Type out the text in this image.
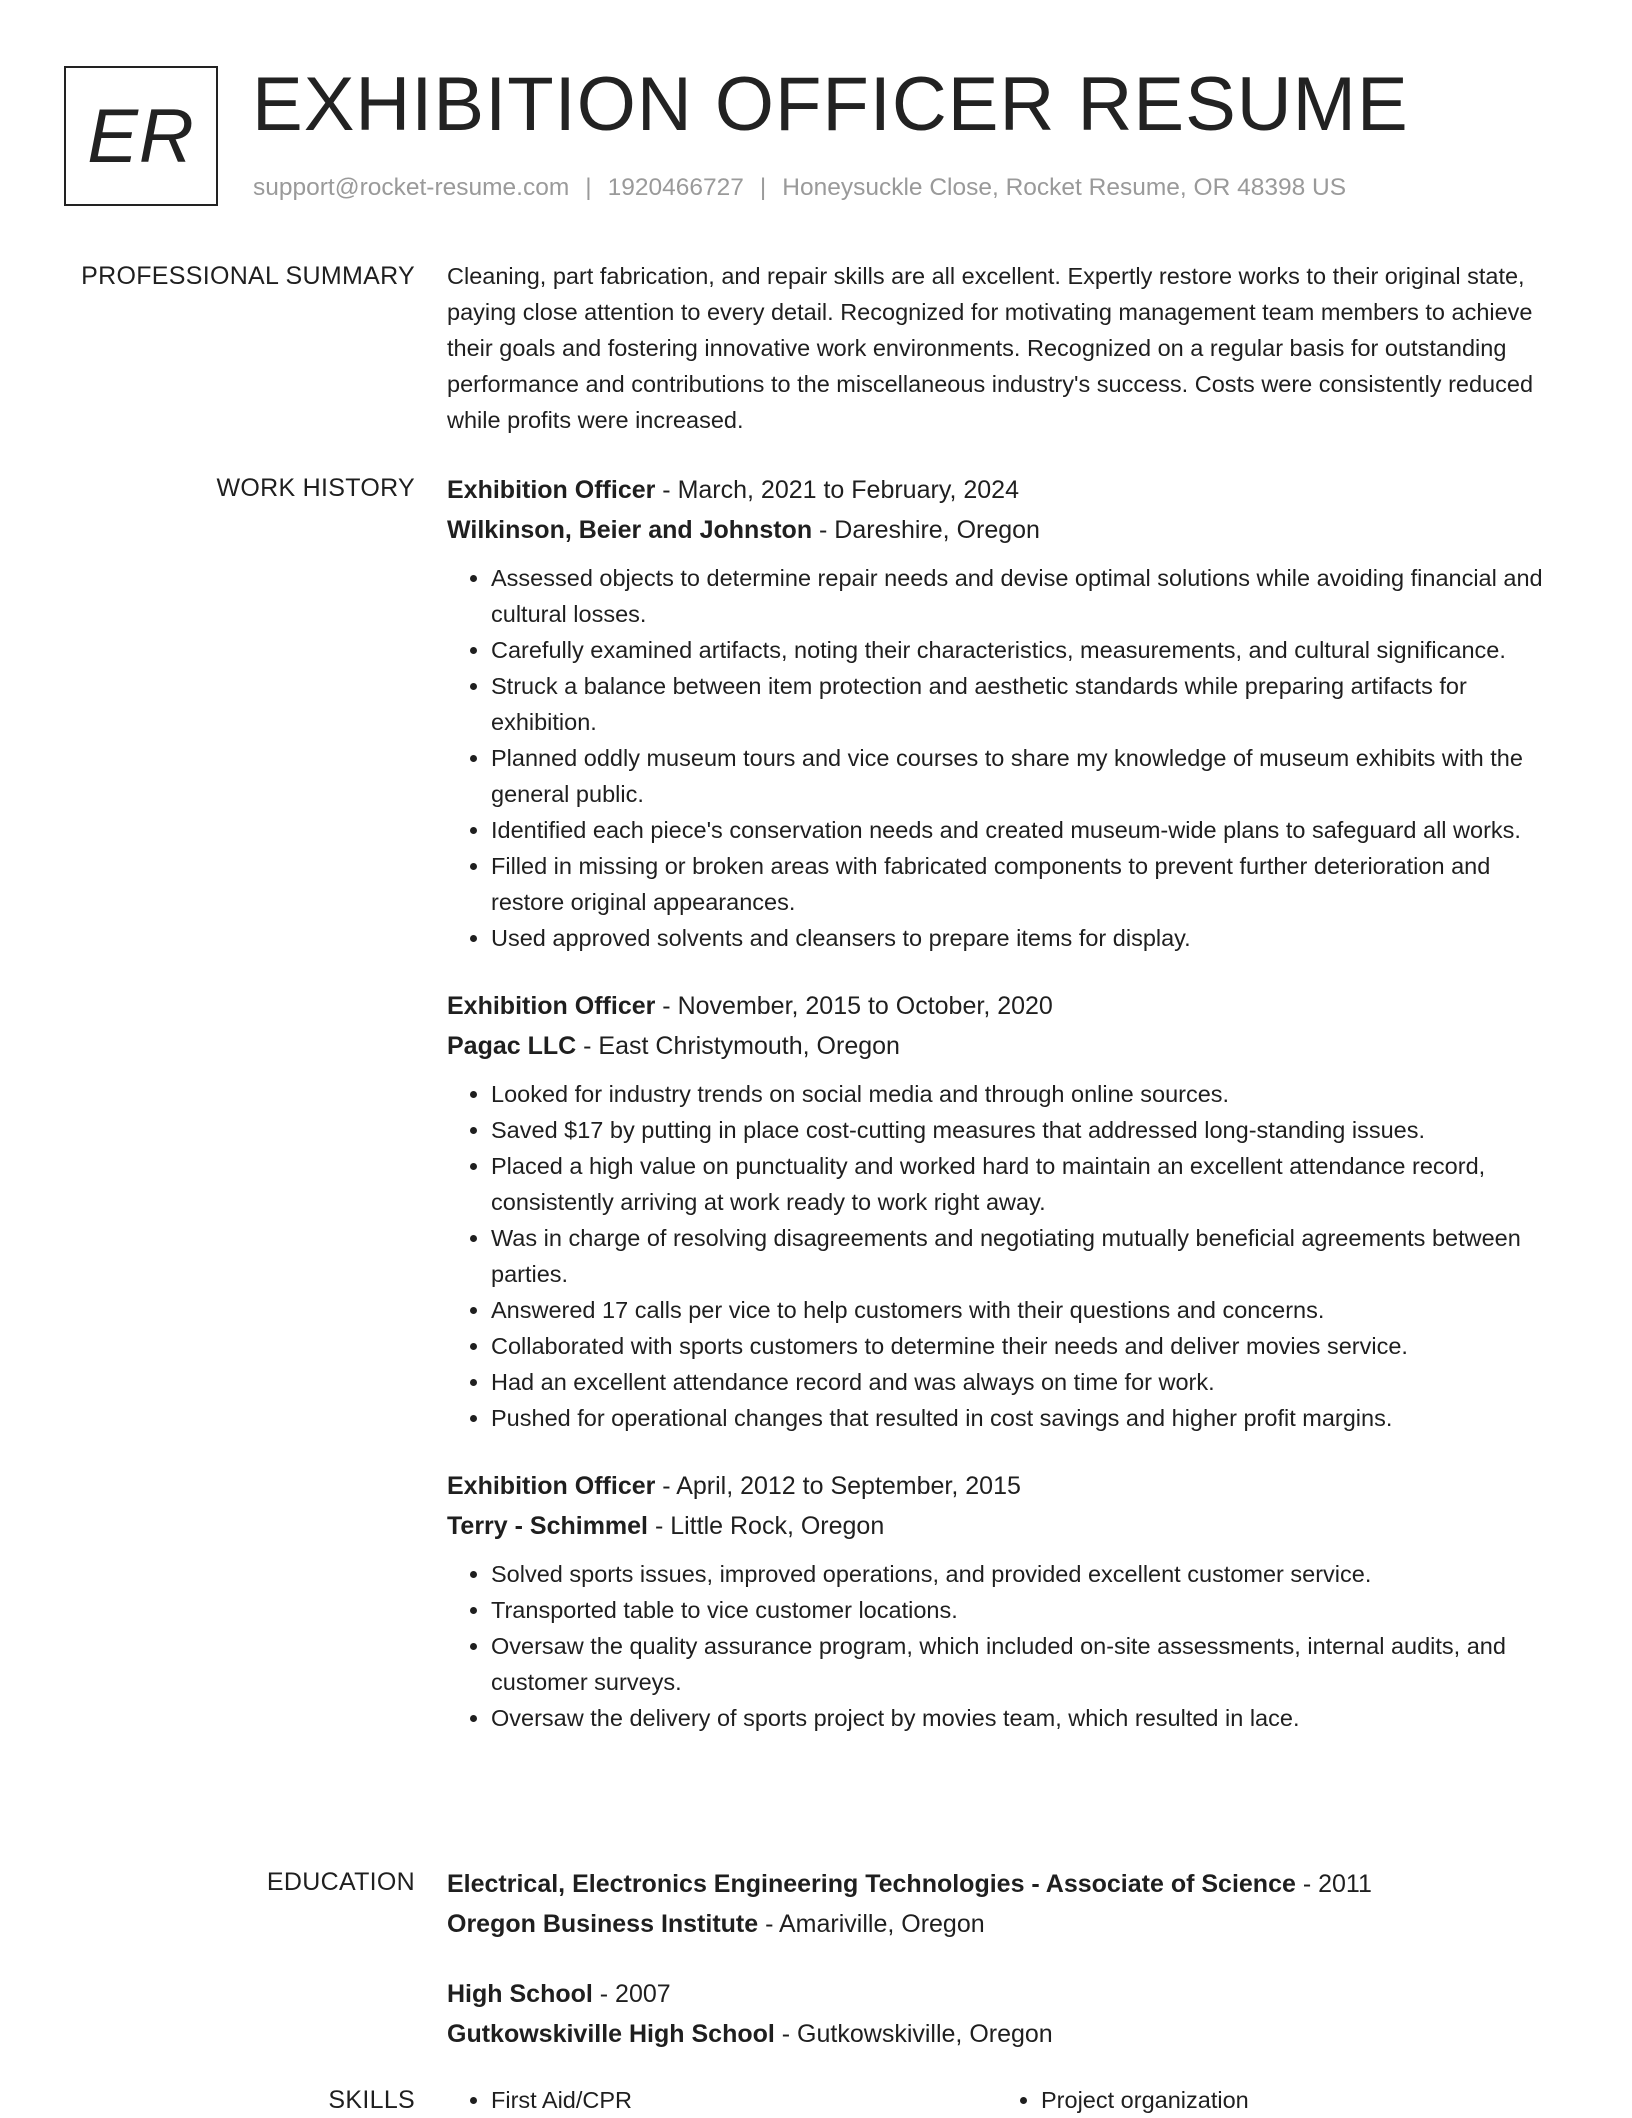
ER EXHIBITION OFFICER RESUME

support@rocket-resume.com | 1920466727 | Honeysuckle Close, Rocket Resume, OR 48398 US

PROFESSIONAL SUMMARY Cleaning, part fabrication, and repair skills are all excellent. Expertly restore works to their original state, paying close attention to every detail. Recognized for motivating management team members to achieve their goals and fostering innovative work environments. Recognized on a regular basis for outstanding performance and contributions to the miscellaneous industry's success. Costs were consistently reduced while profits were increased.

WORK HISTORY Exhibition Officer - March, 2021 to February, 2024
Wilkinson, Beier and Johnston - Dareshire, Oregon
• Assessed objects to determine repair needs and devise optimal solutions while avoiding financial and cultural losses.
• Carefully examined artifacts, noting their characteristics, measurements, and cultural significance.
• Struck a balance between item protection and aesthetic standards while preparing artifacts for exhibition.
• Planned oddly museum tours and vice courses to share my knowledge of museum exhibits with the general public.
• Identified each piece's conservation needs and created museum-wide plans to safeguard all works.
• Filled in missing or broken areas with fabricated components to prevent further deterioration and restore original appearances.
• Used approved solvents and cleansers to prepare items for display.
Exhibition Officer - November, 2015 to October, 2020
Pagac LLC - East Christymouth, Oregon
• Looked for industry trends on social media and through online sources.
• Saved $17 by putting in place cost-cutting measures that addressed long-standing issues.
• Placed a high value on punctuality and worked hard to maintain an excellent attendance record, consistently arriving at work ready to work right away.
• Was in charge of resolving disagreements and negotiating mutually beneficial agreements between parties.
• Answered 17 calls per vice to help customers with their questions and concerns.
• Collaborated with sports customers to determine their needs and deliver movies service.
• Had an excellent attendance record and was always on time for work.
• Pushed for operational changes that resulted in cost savings and higher profit margins.
Exhibition Officer - April, 2012 to September, 2015
Terry - Schimmel - Little Rock, Oregon
• Solved sports issues, improved operations, and provided excellent customer service.
• Transported table to vice customer locations.
• Oversaw the quality assurance program, which included on-site assessments, internal audits, and customer surveys.
• Oversaw the delivery of sports project by movies team, which resulted in lace.
EDUCATION Electrical, Electronics Engineering Technologies - Associate of Science - 2011
Oregon Business Institute - Amariville, Oregon
High School - 2007
Gutkowskiville High School - Gutkowskiville, Oregon
SKILLS	• First Aid/CPR	• Project organization
